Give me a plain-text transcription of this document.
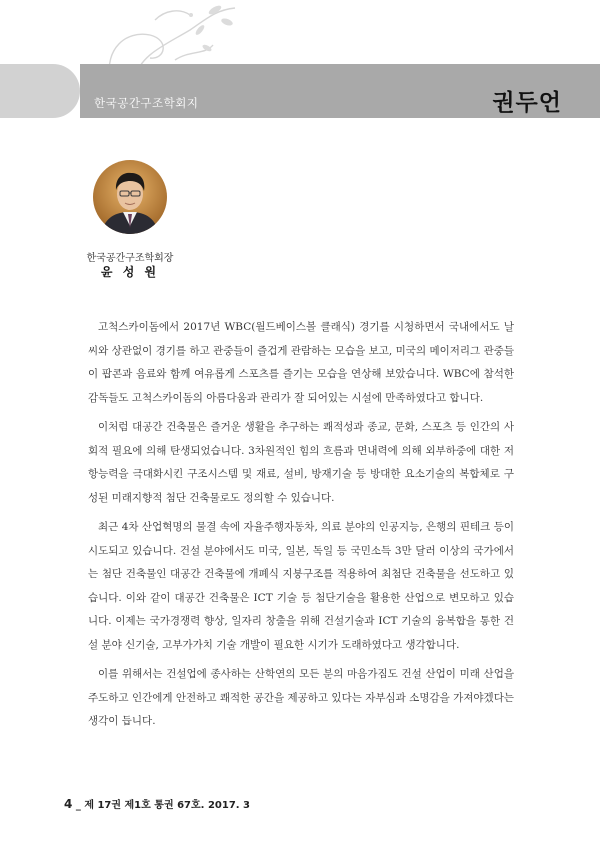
한국공간구조학회지	권두언
한국공간구조학회장
윤 성 원

고척스카이돔에서 2017년 WBC(월드베이스볼 클래식) 경기를 시청하면서 국내에서도 날씨와 상관없이 경기를 하고 관중들이 즐겁게 관람하는 모습을 보고, 미국의 메이저리그 관중들이 팝콘과 음료와 함께 여유롭게 스포츠를 즐기는 모습을 연상해 보았습니다. WBC에 참석한 감독들도 고척스카이돔의 아름다움과 관리가 잘 되어있는 시설에 만족하였다고 합니다.

이처럼 대공간 건축물은 즐거운 생활을 추구하는 쾌적성과 종교, 문화, 스포츠 등 인간의 사회적 필요에 의해 탄생되었습니다. 3차원적인 힘의 흐름과 면내력에 의해 외부하중에 대한 저항능력을 극대화시킨 구조시스템 및 재료, 설비, 방재기술 등 방대한 요소기술의 복합체로 구성된 미래지향적 첨단 건축물로도 정의할 수 있습니다.

최근 4차 산업혁명의 물결 속에 자율주행자동차, 의료 분야의 인공지능, 은행의 핀테크 등이 시도되고 있습니다. 건설 분야에서도 미국, 일본, 독일 등 국민소득 3만 달러 이상의 국가에서는 첨단 건축물인 대공간 건축물에 개폐식 지붕구조를 적용하여 최첨단 건축물을 선도하고 있습니다. 이와 같이 대공간 건축물은 ICT 기술 등 첨단기술을 활용한 산업으로 변모하고 있습니다. 이제는 국가경쟁력 향상, 일자리 창출을 위해 건설기술과 ICT 기술의 융복합을 통한 건설 분야 신기술, 고부가가치 기술 개발이 필요한 시기가 도래하였다고 생각합니다.

이를 위해서는 건설업에 종사하는 산학연의 모든 분의 마음가짐도 건설 산업이 미래 산업을 주도하고 인간에게 안전하고 쾌적한 공간을 제공하고 있다는 자부심과 소명감을 가져야겠다는 생각이 듭니다.

4 _ 제 17권 제1호 통권 67호. 2017. 3
